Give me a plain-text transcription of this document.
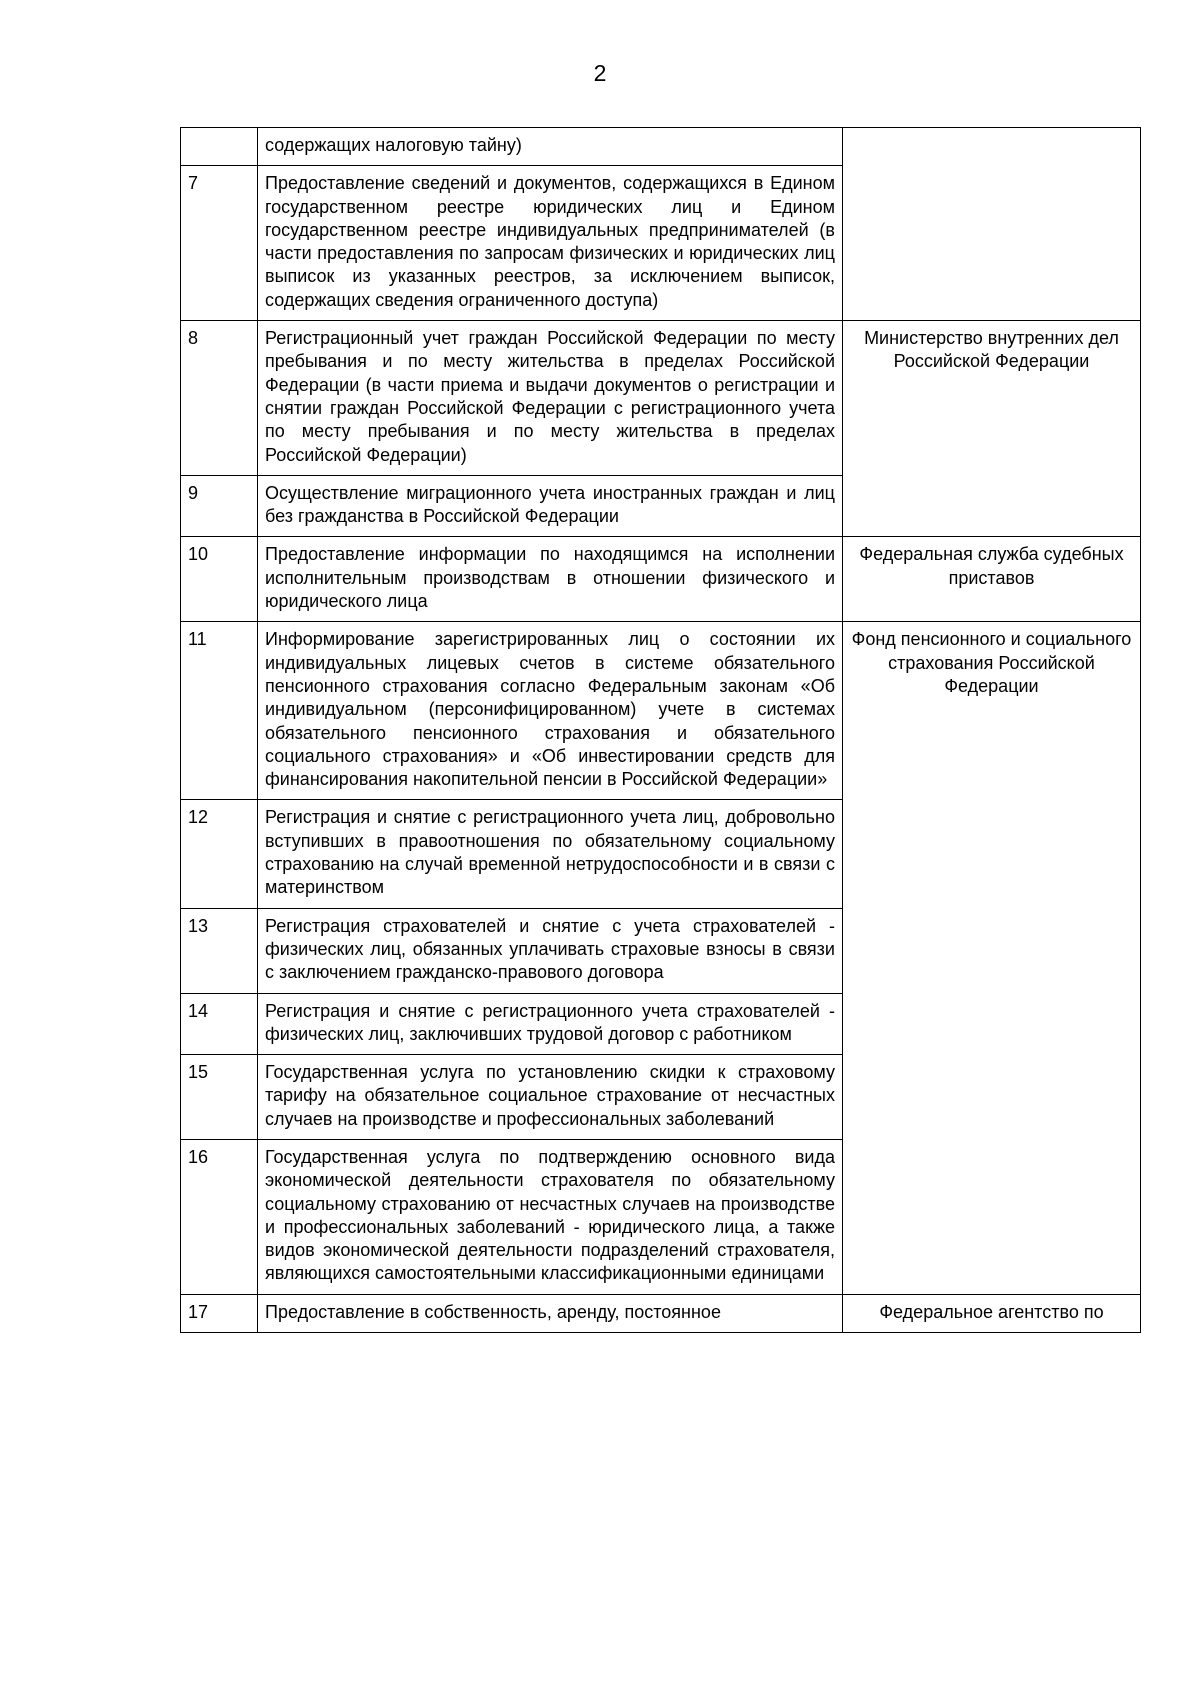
2
	содержащих налоговую тайну)	
7	Предоставление сведений и документов, содержащихся в Едином государственном реестре юридических лиц и Едином государственном реестре индивидуальных предпринимателей (в части предоставления по запросам физических и юридических лиц выписок из указанных реестров, за исключением выписок, содержащих сведения ограниченного доступа)	
8	Регистрационный учет граждан Российской Федерации по месту пребывания и по месту жительства в пределах Российской Федерации (в части приема и выдачи документов о регистрации и снятии граждан Российской Федерации с регистрационного учета по месту пребывания и по месту жительства в пределах Российской Федерации)	Министерство внутренних дел Российской Федерации
9	Осуществление миграционного учета иностранных граждан и лиц без гражданства в Российской Федерации	
10	Предоставление информации по находящимся на исполнении исполнительным производствам в отношении физического и юридического лица	Федеральная служба судебных приставов
11	Информирование зарегистрированных лиц о состоянии их индивидуальных лицевых счетов в системе обязательного пенсионного страхования согласно Федеральным законам «Об индивидуальном (персонифицированном) учете в системах обязательного пенсионного страхования и обязательного социального страхования» и «Об инвестировании средств для финансирования накопительной пенсии в Российской Федерации»	Фонд пенсионного и социального страхования Российской Федерации
12	Регистрация и снятие с регистрационного учета лиц, добровольно вступивших в правоотношения по обязательному социальному страхованию на случай временной нетрудоспособности и в связи с материнством	
13	Регистрация страхователей и снятие с учета страхователей - физических лиц, обязанных уплачивать страховые взносы в связи с заключением гражданско-правового договора	
14	Регистрация и снятие с регистрационного учета страхователей - физических лиц, заключивших трудовой договор с работником	
15	Государственная услуга по установлению скидки к страховому тарифу на обязательное социальное страхование от несчастных случаев на производстве и профессиональных заболеваний	
16	Государственная услуга по подтверждению основного вида экономической деятельности страхователя по обязательному социальному страхованию от несчастных случаев на производстве и профессиональных заболеваний - юридического лица, а также видов экономической деятельности подразделений страхователя, являющихся самостоятельными классификационными единицами	
17	Предоставление в собственность, аренду, постоянное	Федеральное агентство по
